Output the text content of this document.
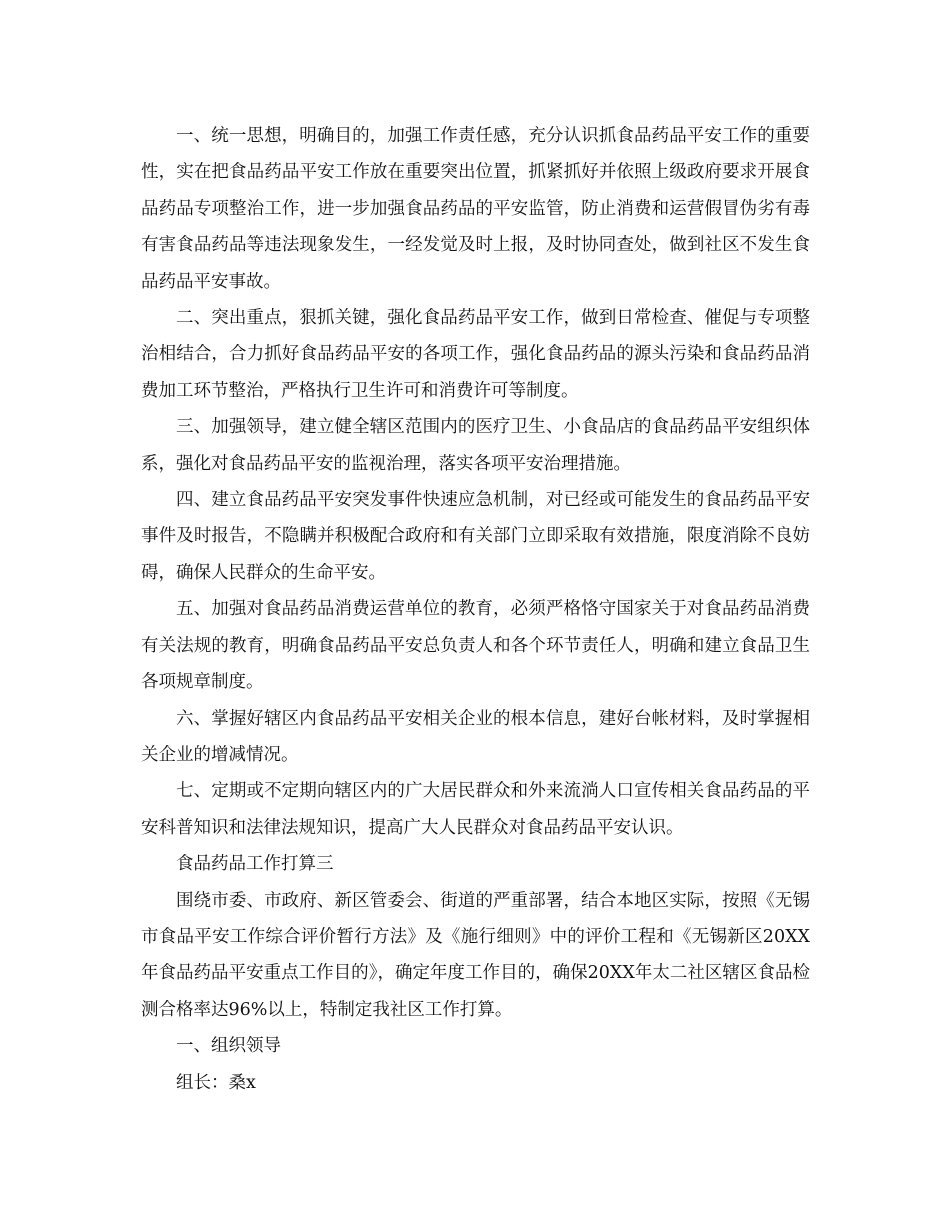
一、统一思想，明确目的，加强工作责任感，充分认识抓食品药品平安工作的重要性，实在把食品药品平安工作放在重要突出位置，抓紧抓好并依照上级政府要求开展食品药品专项整治工作，进一步加强食品药品的平安监管，防止消费和运营假冒伪劣有毒有害食品药品等违法现象发生，一经发觉及时上报，及时协同查处，做到社区不发生食品药品平安事故。

二、突出重点，狠抓关键，强化食品药品平安工作，做到日常检查、催促与专项整治相结合，合力抓好食品药品平安的各项工作，强化食品药品的源头污染和食品药品消费加工环节整治，严格执行卫生许可和消费许可等制度。

三、加强领导，建立健全辖区范围内的医疗卫生、小食品店的食品药品平安组织体系，强化对食品药品平安的监视治理，落实各项平安治理措施。

四、建立食品药品平安突发事件快速应急机制，对已经或可能发生的食品药品平安事件及时报告，不隐瞒并积极配合政府和有关部门立即采取有效措施，限度消除不良妨碍，确保人民群众的生命平安。

五、加强对食品药品消费运营单位的教育，必须严格恪守国家关于对食品药品消费有关法规的教育，明确食品药品平安总负责人和各个环节责任人，明确和建立食品卫生各项规章制度。

六、掌握好辖区内食品药品平安相关企业的根本信息，建好台帐材料，及时掌握相关企业的增减情况。

七、定期或不定期向辖区内的广大居民群众和外来流淌人口宣传相关食品药品的平安科普知识和法律法规知识，提高广大人民群众对食品药品平安认识。

食品药品工作打算三

围绕市委、市政府、新区管委会、街道的严重部署，结合本地区实际，按照《无锡市食品平安工作综合评价暂行方法》及《施行细则》中的评价工程和《无锡新区20XX年食品药品平安重点工作目的》，确定年度工作目的，确保20XX年太二社区辖区食品检测合格率达96%以上，特制定我社区工作打算。

一、组织领导

组长：桑x
